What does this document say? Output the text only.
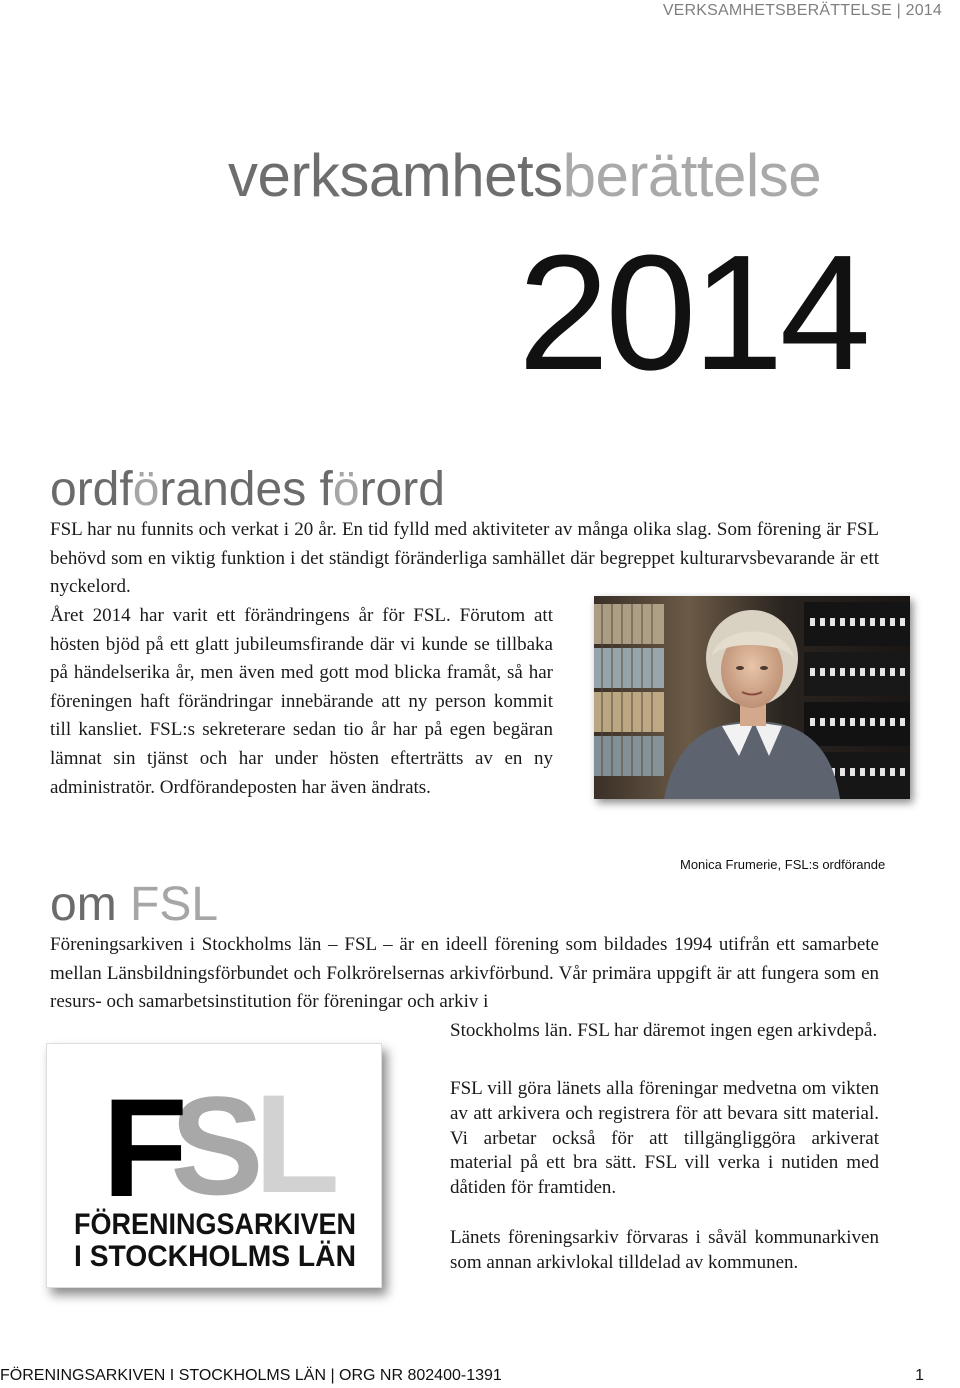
VERKSAMHETSBERÄTTELSE | 2014
verksamhetsberättelse
2014
ordförandes förord
FSL har nu funnits och verkat i 20 år. En tid fylld med aktiviteter av många olika slag. Som förening är FSL behövd som en viktig funktion i det ständigt föränderliga samhället där begreppet kulturarvsbevarande är ett nyckelord.
Året 2014 har varit ett förändringens år för FSL. Förutom att hösten bjöd på ett glatt jubileumsfirande där vi kunde se tillbaka på händelserika år, men även med gott mod blicka framåt, så har föreningen haft förändringar innebärande att ny person kommit till kansliet. FSL:s sekreterare sedan tio år har på egen begäran lämnat sin tjänst och har under hösten efterträtts av en ny administratör. Ordförandeposten har även ändrats.
Monica Frumerie, FSL:s ordförande
om FSL
Föreningsarkiven i Stockholms län – FSL – är en ideell förening som bildades 1994 utifrån ett samarbete mellan Länsbildningsförbundet och Folkrörelsernas arkivförbund. Vår primära uppgift är att fungera som en resurs- och samarbetsinstitution för föreningar och arkiv i
Stockholms län. FSL har däremot ingen egen arkivdepå.
FSL vill göra länets alla föreningar medvetna om vikten av att arkivera och registrera för att bevara sitt material. Vi arbetar också för att tillgängliggöra arkiverat material på ett bra sätt. FSL vill verka i nutiden med dåtiden för framtiden.
Länets föreningsarkiv förvaras i såväl kommunarkiven som annan arkivlokal tilldelad av kommunen.
L
S
F
FÖRENINGSARKIVEN
I STOCKHOLMS LÄN
FÖRENINGSARKIVEN I STOCKHOLMS LÄN | ORG NR 802400-1391	1
